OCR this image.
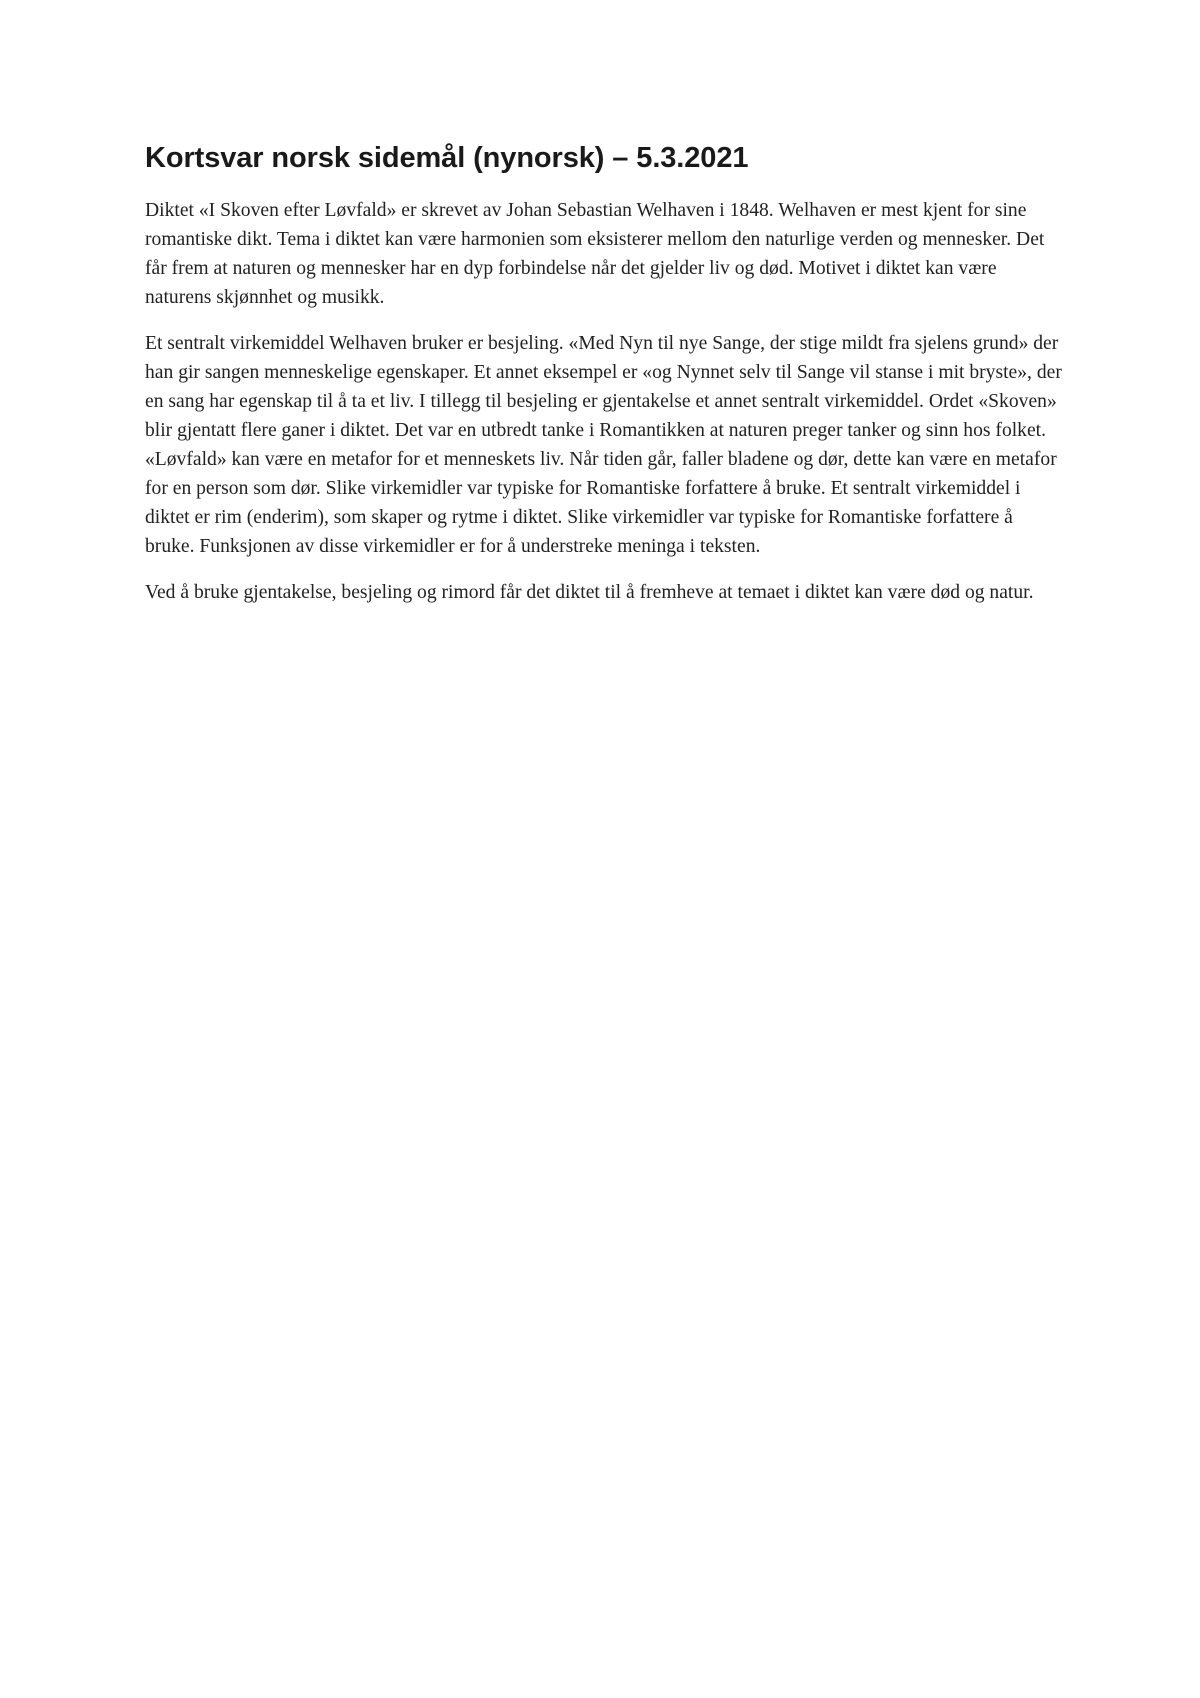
Kortsvar norsk sidemål (nynorsk) – 5.3.2021

Diktet «I Skoven efter Løvfald» er skrevet av Johan Sebastian Welhaven i 1848. Welhaven er mest kjent for sine romantiske dikt. Tema i diktet kan være harmonien som eksisterer mellom den naturlige verden og mennesker. Det får frem at naturen og mennesker har en dyp forbindelse når det gjelder liv og død. Motivet i diktet kan være naturens skjønnhet og musikk.

Et sentralt virkemiddel Welhaven bruker er besjeling. «Med Nyn til nye Sange, der stige mildt fra sjelens grund» der han gir sangen menneskelige egenskaper. Et annet eksempel er «og Nynnet selv til Sange vil stanse i mit bryste», der en sang har egenskap til å ta et liv. I tillegg til besjeling er gjentakelse et annet sentralt virkemiddel. Ordet «Skoven» blir gjentatt flere ganer i diktet. Det var en utbredt tanke i Romantikken at naturen preger tanker og sinn hos folket. «Løvfald» kan være en metafor for et menneskets liv. Når tiden går, faller bladene og dør, dette kan være en metafor for en person som dør. Slike virkemidler var typiske for Romantiske forfattere å bruke. Et sentralt virkemiddel i diktet er rim (enderim), som skaper og rytme i diktet. Slike virkemidler var typiske for Romantiske forfattere å bruke. Funksjonen av disse virkemidler er for å understreke meninga i teksten.

Ved å bruke gjentakelse, besjeling og rimord får det diktet til å fremheve at temaet i diktet kan være død og natur.
